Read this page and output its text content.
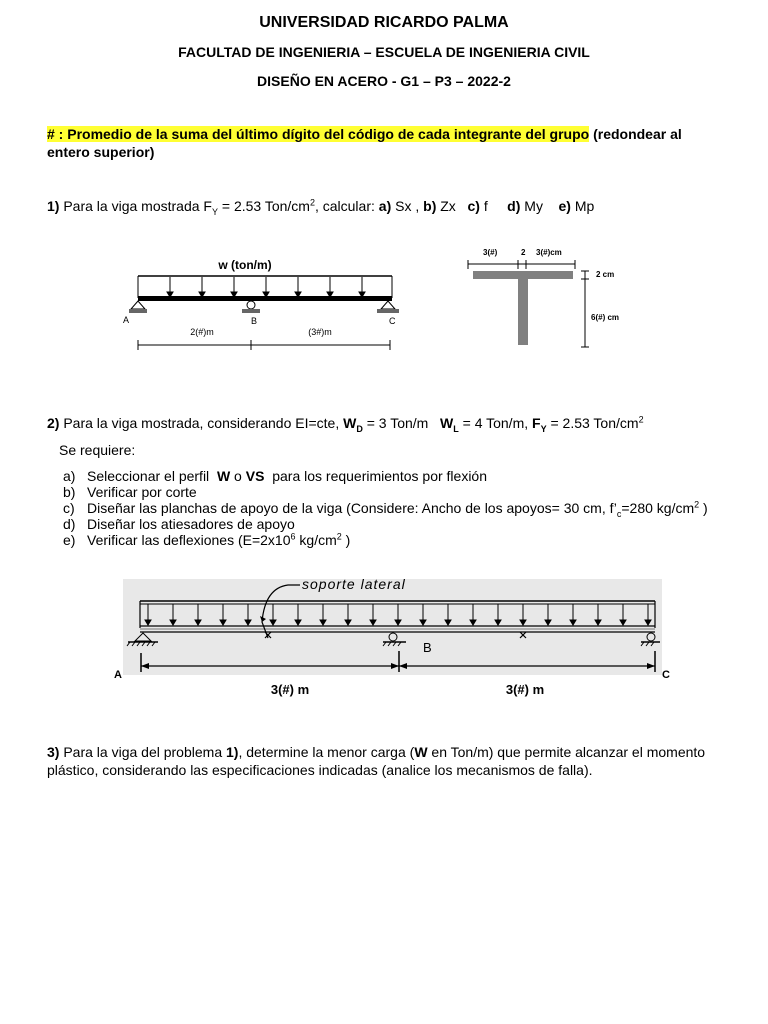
UNIVERSIDAD RICARDO PALMA
FACULTAD DE INGENIERIA – ESCUELA DE INGENIERIA CIVIL
DISEÑO EN ACERO - G1 – P3 – 2022-2
# : Promedio de la suma del último dígito del código de cada integrante del grupo (redondear al entero superior)
1) Para la viga mostrada $F_Y = 2.53$ Ton/$cm^2$, calcular: a) Sx , b) Zx   c) f     d) My    e) Mp
w (ton/m)
A	B	C
2(#)m	(3#)m
3(#)	2 3(#)cm
2 cm
6(#) cm
2) Para la viga mostrada, considerando EI=cte, $W_D = 3$ Ton/m   $W_L = 4$ Ton/m, $F_Y = 2.53$ Ton/$cm^2$
Se requiere:
a) Seleccionar el perfil  W o VS  para los requerimientos por flexión
b) Verificar por corte
c) Diseñar las planchas de apoyo de la viga (Considere: Ancho de los apoyos= 30 cm, $f’_c=280$ $kg/cm^2$ )
d) Diseñar los atiesadores de apoyo
e) Verificar las deflexiones ($E=2x10^6$ $kg/cm^2$ )
soporte lateral
B
A	C
3(#) m	3(#) m
3) Para la viga del problema 1), determine la menor carga (W en Ton/m) que permite alcanzar el momento plástico, considerando las especificaciones indicadas (analice los mecanismos de falla).
